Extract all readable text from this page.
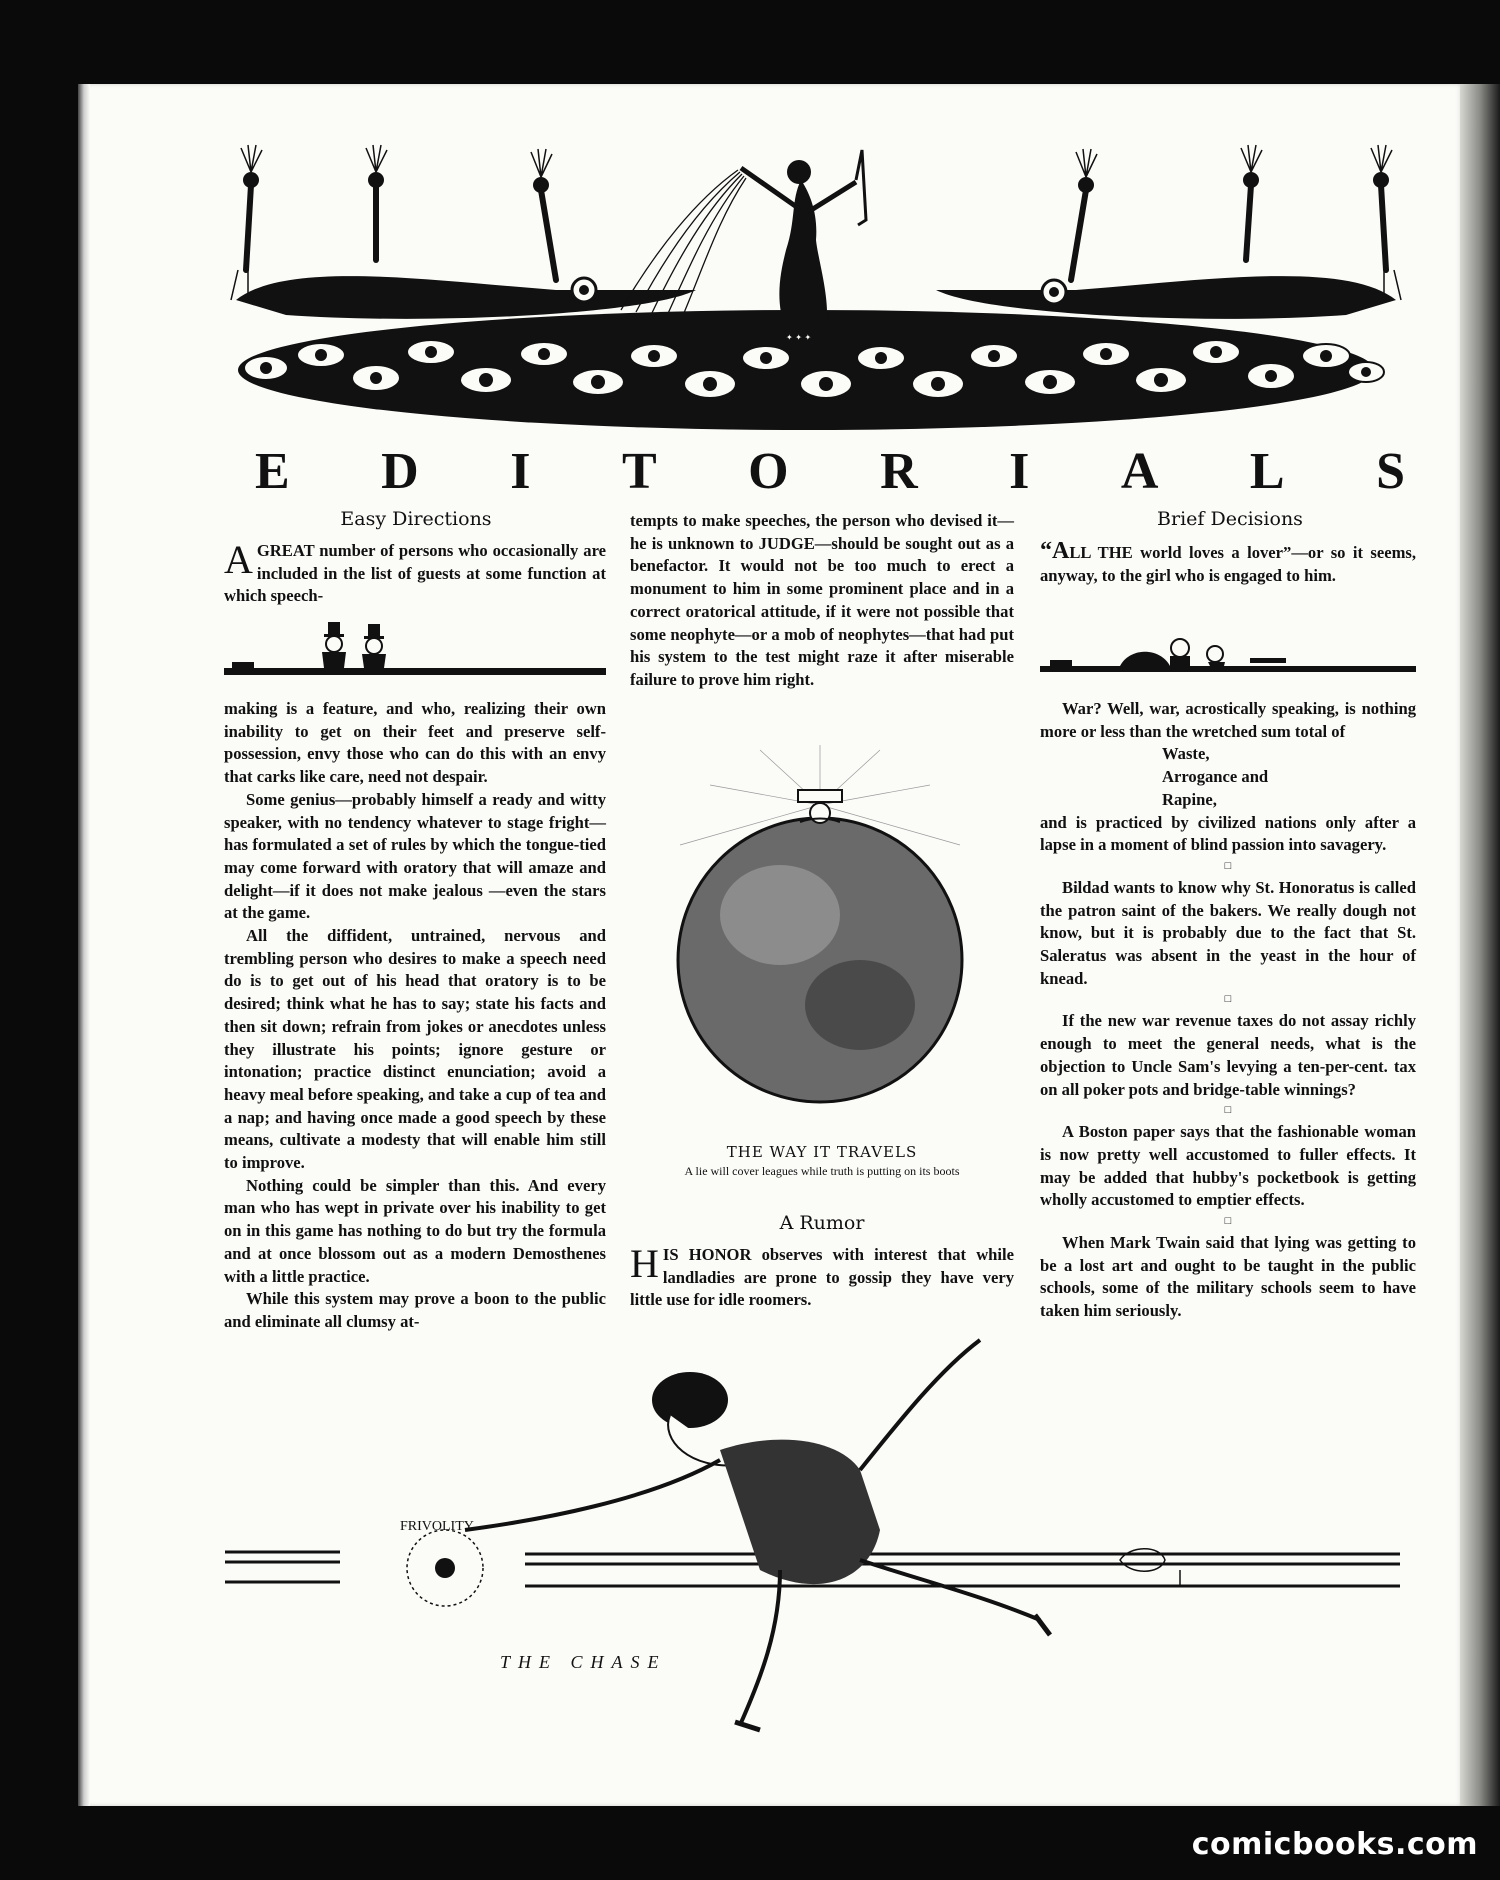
✦ ✦ ✦
E D I T O R I A L S
Easy Directions

AGREAT number of persons who occasionally are included in the list of guests at some function at which speech-

making is a feature, and who, realizing their own inability to get on their feet and preserve self-possession, envy those who can do this with an envy that carks like care, need not despair.

Some genius—probably himself a ready and witty speaker, with no tendency whatever to stage fright—has formulated a set of rules by which the tongue-tied may come forward with oratory that will amaze and delight—if it does not make jealous —even the stars at the game.

All the diffident, untrained, nervous and trembling person who desires to make a speech need do is to get out of his head that oratory is to be desired; think what he has to say; state his facts and then sit down; refrain from jokes or anecdotes unless they illustrate his points; ignore gesture or intonation; practice distinct enunciation; avoid a heavy meal before speaking, and take a cup of tea and a nap; and having once made a good speech by these means, cultivate a modesty that will enable him still to improve.

Nothing could be simpler than this. And every man who has wept in private over his inability to get on in this game has nothing to do but try the formula and at once blossom out as a modern Demosthenes with a little practice.

While this system may prove a boon to the public and eliminate all clumsy at-

tempts to make speeches, the person who devised it—he is unknown to JUDGE—should be sought out as a benefactor. It would not be too much to erect a monument to him in some prominent place and in a correct oratorical attitude, if it were not possible that some neophyte—or a mob of neophytes—that had put his system to the test might raze it after miserable failure to prove him right.

THE WAY IT TRAVELS
A lie will cover leagues while truth is putting on its boots
A Rumor

HIS HONOR observes with interest that while landladies are prone to gossip they have very little use for idle roomers.

Brief Decisions

“ALL THE world loves a lover”—or so it seems, anyway, to the girl who is engaged to him.

War? Well, war, acrostically speaking, is nothing more or less than the wretched sum total of

Waste,
Arrogance and
Rapine,

and is practiced by civilized nations only after a lapse in a moment of blind passion into savagery.

□

Bildad wants to know why St. Honoratus is called the patron saint of the bakers. We really dough not know, but it is probably due to the fact that St. Saleratus was absent in the yeast in the hour of knead.

□

If the new war revenue taxes do not assay richly enough to meet the general needs, what is the objection to Uncle Sam's levying a ten-per-cent. tax on all poker pots and bridge-table winnings?

□

A Boston paper says that the fashionable woman is now pretty well accustomed to fuller effects. It may be added that hubby's pocketbook is getting wholly accustomed to emptier effects.

□

When Mark Twain said that lying was getting to be a lost art and ought to be taught in the public schools, some of the military schools seem to have taken him seriously.

FRIVOLITY
THE CHASE
comicbooks.com
